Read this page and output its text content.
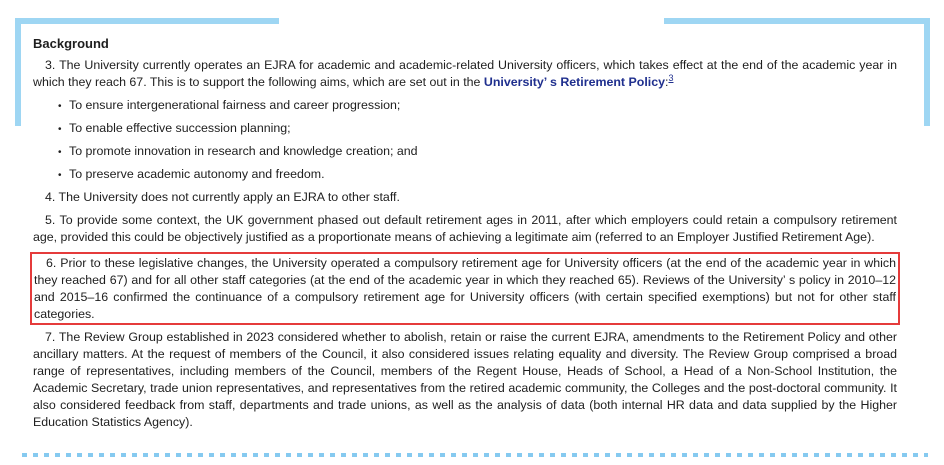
Background

3. The University currently operates an EJRA for academic and academic-related University officers, which takes effect at the end of the academic year in which they reach 67. This is to support the following aims, which are set out in the University’ s Retirement Policy:$^3$

• To ensure intergenerational fairness and career progression;
• To enable effective succession planning;
• To promote innovation in research and knowledge creation; and
• To preserve academic autonomy and freedom.

4. The University does not currently apply an EJRA to other staff.

5. To provide some context, the UK government phased out default retirement ages in 2011, after which employers could retain a compulsory retirement age, provided this could be objectively justified as a proportionate means of achieving a legitimate aim (referred to an Employer Justified Retirement Age).

6. Prior to these legislative changes, the University operated a compulsory retirement age for University officers (at the end of the academic year in which they reached 67) and for all other staff categories (at the end of the academic year in which they reached 65). Reviews of the University’ s policy in 2010–12 and 2015–16 confirmed the continuance of a compulsory retirement age for University officers (with certain specified exemptions) but not for other staff categories.

7. The Review Group established in 2023 considered whether to abolish, retain or raise the current EJRA, amendments to the Retirement Policy and other ancillary matters. At the request of members of the Council, it also considered issues relating equality and diversity. The Review Group comprised a broad range of representatives, including members of the Council, members of the Regent House, Heads of School, a Head of a Non-School Institution, the Academic Secretary, trade union representatives, and representatives from the retired academic community, the Colleges and the post-doctoral community. It also considered feedback from staff, departments and trade unions, as well as the analysis of data (both internal HR data and data supplied by the Higher Education Statistics Agency).
